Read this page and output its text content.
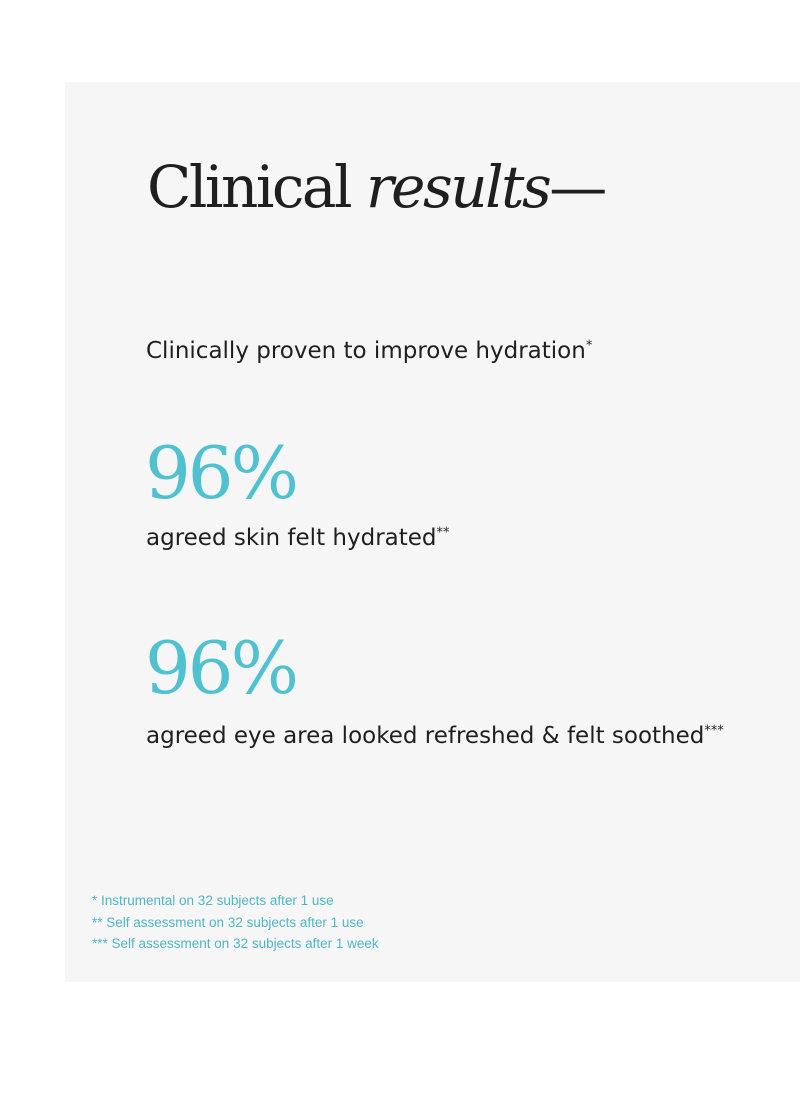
Clinical results—
Clinically proven to improve hydration*
96%
agreed skin felt hydrated**
96%
agreed eye area looked refreshed & felt soothed***
* Instrumental on 32 subjects after 1 use
** Self assessment on 32 subjects after 1 use
*** Self assessment on 32 subjects after 1 week
